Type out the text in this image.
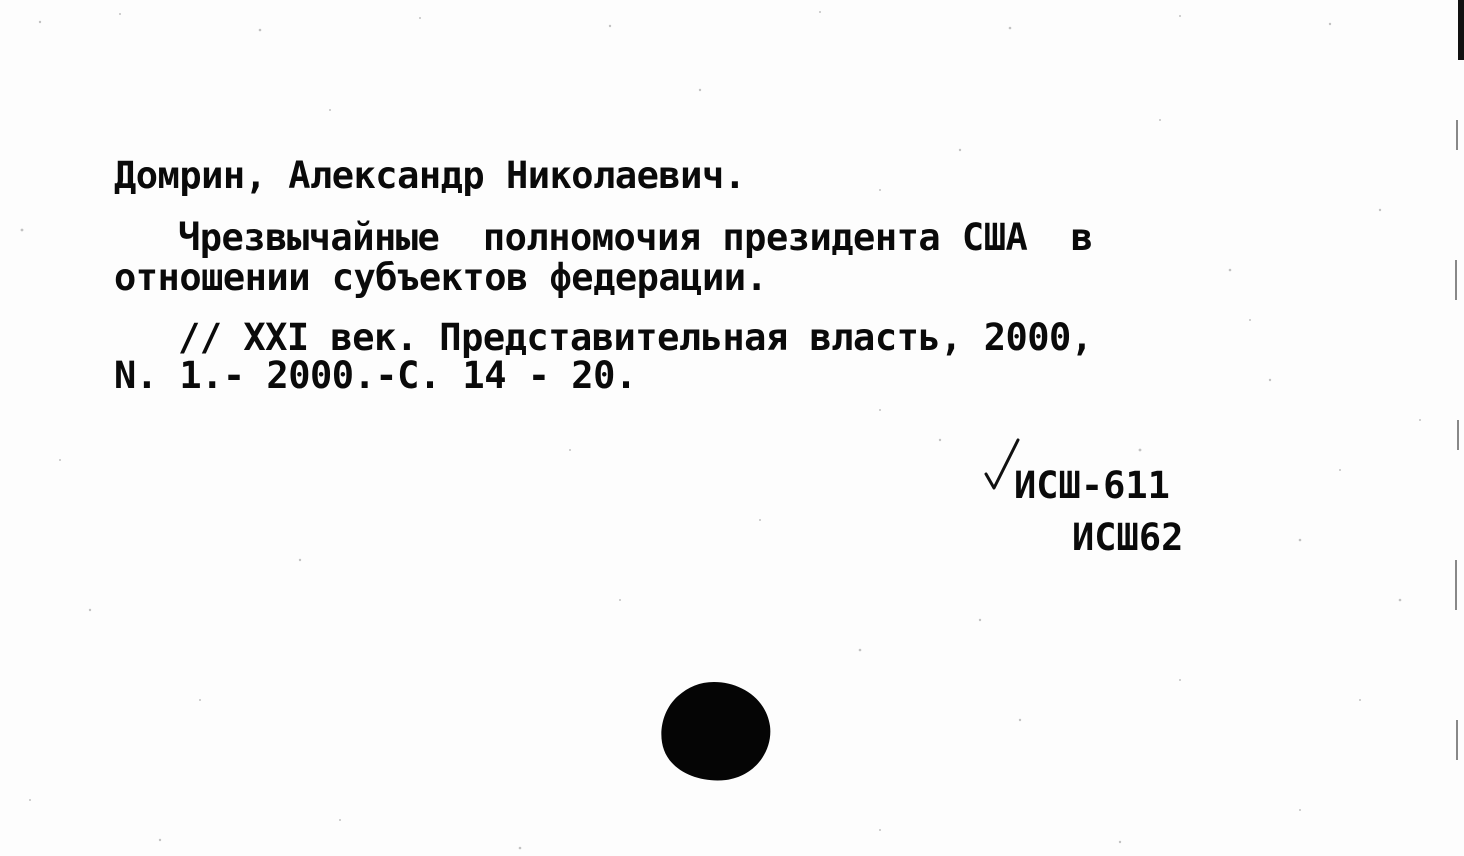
Домрин, Александр Николаевич.
Чрезвычайные  полномочия президента США  в
отношении субъектов федерации.
// XXI век. Представительная власть, 2000,
N. 1.- 2000.-С. 14 - 20.
ИСШ-611
ИСШ62
